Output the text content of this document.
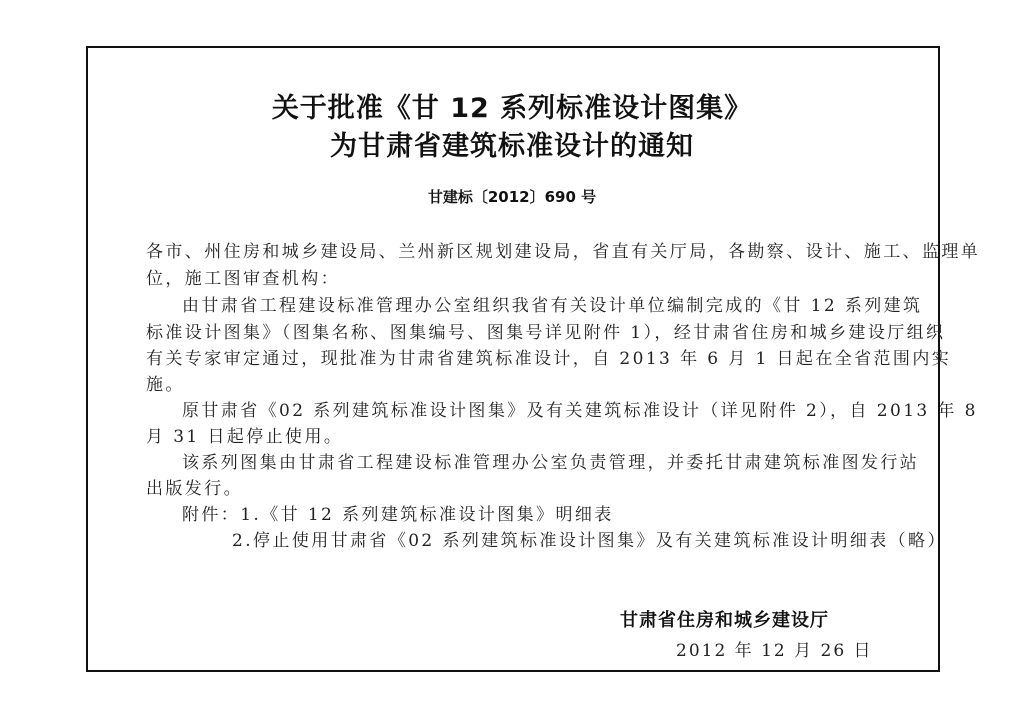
关于批准《甘 12 系列标准设计图集》
为甘肃省建筑标准设计的通知
甘建标〔2012〕690 号
各市、州住房和城乡建设局、兰州新区规划建设局，省直有关厅局，各勘察、设计、施工、监理单
位，施工图审查机构：
由甘肃省工程建设标准管理办公室组织我省有关设计单位编制完成的《甘 12 系列建筑
标准设计图集》（图集名称、图集编号、图集号详见附件 1），经甘肃省住房和城乡建设厅组织
有关专家审定通过，现批准为甘肃省建筑标准设计，自 2013 年 6 月 1 日起在全省范围内实
施。
原甘肃省《02 系列建筑标准设计图集》及有关建筑标准设计（详见附件 2），自 2013 年 8
月 31 日起停止使用。
该系列图集由甘肃省工程建设标准管理办公室负责管理，并委托甘肃建筑标准图发行站
出版发行。
附件：1.《甘 12 系列建筑标准设计图集》明细表
2.停止使用甘肃省《02 系列建筑标准设计图集》及有关建筑标准设计明细表（略）
甘肃省住房和城乡建设厅
2012 年 12 月 26 日
